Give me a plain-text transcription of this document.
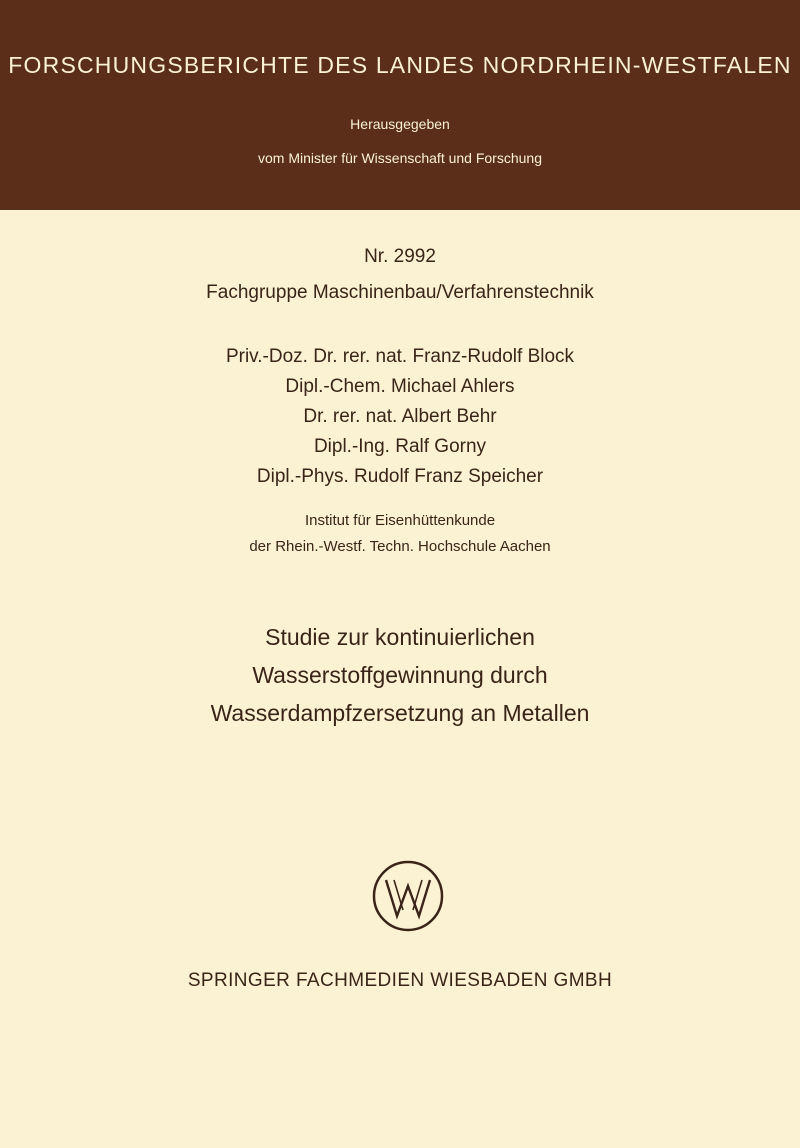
FORSCHUNGSBERICHTE DES LANDES NORDRHEIN-WESTFALEN
Herausgegeben
vom Minister für Wissenschaft und Forschung
Nr. 2992
Fachgruppe Maschinenbau/Verfahrenstechnik
Priv.-Doz. Dr. rer. nat. Franz-Rudolf Block
Dipl.-Chem. Michael Ahlers
Dr. rer. nat. Albert Behr
Dipl.-Ing. Ralf Gorny
Dipl.-Phys. Rudolf Franz Speicher
Institut für Eisenhüttenkunde
der Rhein.-Westf. Techn. Hochschule Aachen
Studie zur kontinuierlichen
Wasserstoffgewinnung durch
Wasserdampfzersetzung an Metallen
SPRINGER FACHMEDIEN WIESBADEN GMBH
